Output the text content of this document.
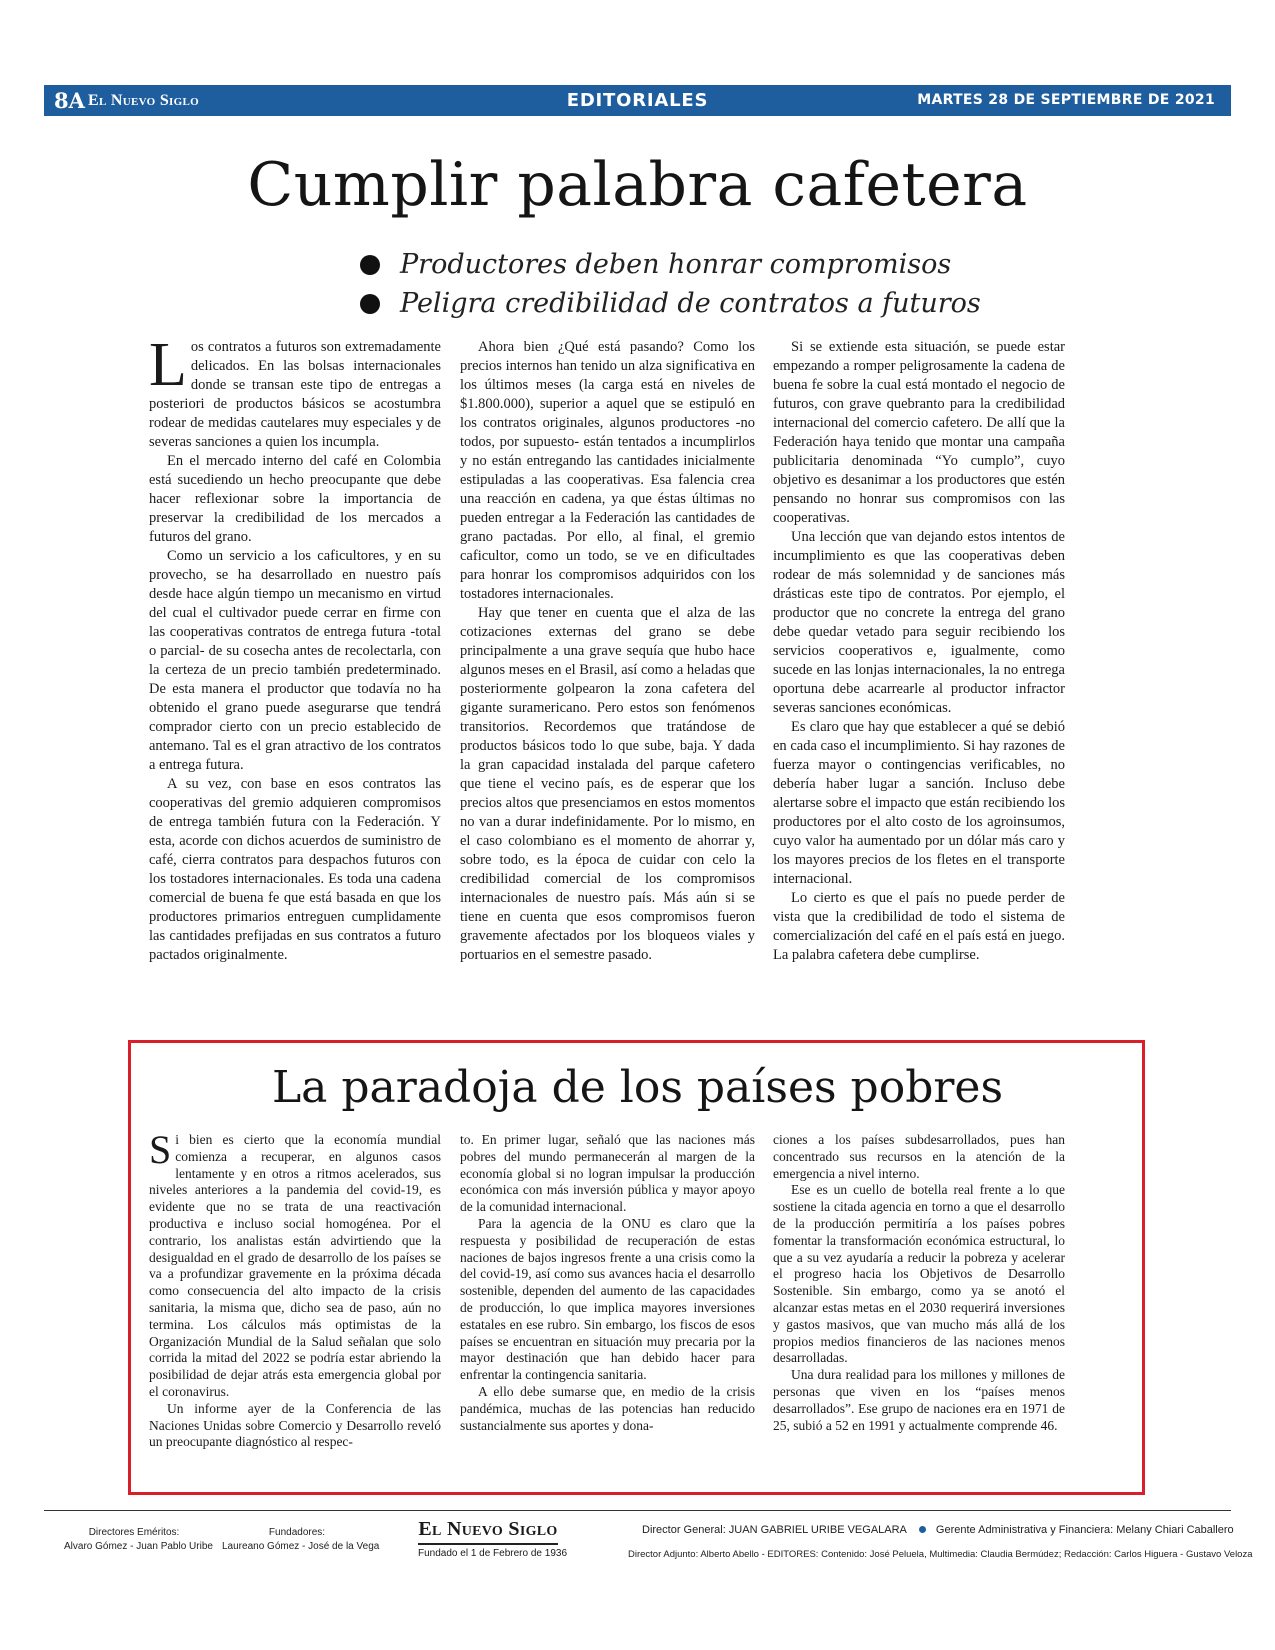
8A El Nuevo Siglo	EDITORIALES	MARTES 28 DE SEPTIEMBRE DE 2021
Cumplir palabra cafetera
Productores deben honrar compromisos
Peligra credibilidad de contratos a futuros

Los contratos a futuros son extremadamente delicados. En las bolsas internacionales donde se transan este tipo de entregas a posteriori de productos básicos se acostumbra rodear de medidas cautelares muy especiales y de severas sanciones a quien los incumpla.

En el mercado interno del café en Colombia está sucediendo un hecho preocupante que debe hacer reflexionar sobre la importancia de preservar la credibilidad de los mercados a futuros del grano.

Como un servicio a los caficultores, y en su provecho, se ha desarrollado en nuestro país desde hace algún tiempo un mecanismo en virtud del cual el cultivador puede cerrar en firme con las cooperativas contratos de entrega futura -total o parcial- de su cosecha antes de recolectarla, con la certeza de un precio también predeterminado. De esta manera el productor que todavía no ha obtenido el grano puede asegurarse que tendrá comprador cierto con un precio establecido de antemano. Tal es el gran atractivo de los contratos a entrega futura.

A su vez, con base en esos contratos las cooperativas del gremio adquieren compromisos de entrega también futura con la Federación. Y esta, acorde con dichos acuerdos de suministro de café, cierra contratos para despachos futuros con los tostadores internacionales. Es toda una cadena comercial de buena fe que está basada en que los productores primarios entreguen cumplidamente las cantidades prefijadas en sus contratos a futuro pactados originalmente.

Ahora bien ¿Qué está pasando? Como los precios internos han tenido un alza significativa en los últimos meses (la carga está en niveles de $1.800.000), superior a aquel que se estipuló en los contratos originales, algunos productores -no todos, por supuesto- están tentados a incumplirlos y no están entregando las cantidades inicialmente estipuladas a las cooperativas. Esa falencia crea una reacción en cadena, ya que éstas últimas no pueden entregar a la Federación las cantidades de grano pactadas. Por ello, al final, el gremio caficultor, como un todo, se ve en dificultades para honrar los compromisos adquiridos con los tostadores internacionales.

Hay que tener en cuenta que el alza de las cotizaciones externas del grano se debe principalmente a una grave sequía que hubo hace algunos meses en el Brasil, así como a heladas que posteriormente golpearon la zona cafetera del gigante suramericano. Pero estos son fenómenos transitorios. Recordemos que tratándose de productos básicos todo lo que sube, baja. Y dada la gran capacidad instalada del parque cafetero que tiene el vecino país, es de esperar que los precios altos que presenciamos en estos momentos no van a durar indefinidamente. Por lo mismo, en el caso colombiano es el momento de ahorrar y, sobre todo, es la época de cuidar con celo la credibilidad comercial de los compromisos internacionales de nuestro país. Más aún si se tiene en cuenta que esos compromisos fueron gravemente afectados por los bloqueos viales y portuarios en el semestre pasado.

Si se extiende esta situación, se puede estar empezando a romper peligrosamente la cadena de buena fe sobre la cual está montado el negocio de futuros, con grave quebranto para la credibilidad internacional del comercio cafetero. De allí que la Federación haya tenido que montar una campaña publicitaria denominada “Yo cumplo”, cuyo objetivo es desanimar a los productores que estén pensando no honrar sus compromisos con las cooperativas.

Una lección que van dejando estos intentos de incumplimiento es que las cooperativas deben rodear de más solemnidad y de sanciones más drásticas este tipo de contratos. Por ejemplo, el productor que no concrete la entrega del grano debe quedar vetado para seguir recibiendo los servicios cooperativos e, igualmente, como sucede en las lonjas internacionales, la no entrega oportuna debe acarrearle al productor infractor severas sanciones económicas.

Es claro que hay que establecer a qué se debió en cada caso el incumplimiento. Si hay razones de fuerza mayor o contingencias verificables, no debería haber lugar a sanción. Incluso debe alertarse sobre el impacto que están recibiendo los productores por el alto costo de los agroinsumos, cuyo valor ha aumentado por un dólar más caro y los mayores precios de los fletes en el transporte internacional.

Lo cierto es que el país no puede perder de vista que la credibilidad de todo el sistema de comercialización del café en el país está en juego. La palabra cafetera debe cumplirse.

La paradoja de los países pobres

Si bien es cierto que la economía mundial comienza a recuperar, en algunos casos lentamente y en otros a ritmos acelerados, sus niveles anteriores a la pandemia del covid-19, es evidente que no se trata de una reactivación productiva e incluso social homogénea. Por el contrario, los analistas están advirtiendo que la desigualdad en el grado de desarrollo de los países se va a profundizar gravemente en la próxima década como consecuencia del alto impacto de la crisis sanitaria, la misma que, dicho sea de paso, aún no termina. Los cálculos más optimistas de la Organización Mundial de la Salud señalan que solo corrida la mitad del 2022 se podría estar abriendo la posibilidad de dejar atrás esta emergencia global por el coronavirus.

Un informe ayer de la Conferencia de las Naciones Unidas sobre Comercio y Desarrollo reveló un preocupante diagnóstico al respec-

to. En primer lugar, señaló que las naciones más pobres del mundo permanecerán al margen de la economía global si no logran impulsar la producción económica con más inversión pública y mayor apoyo de la comunidad internacional.

Para la agencia de la ONU es claro que la respuesta y posibilidad de recuperación de estas naciones de bajos ingresos frente a una crisis como la del covid-19, así como sus avances hacia el desarrollo sostenible, dependen del aumento de las capacidades de producción, lo que implica mayores inversiones estatales en ese rubro. Sin embargo, los fiscos de esos países se encuentran en situación muy precaria por la mayor destinación que han debido hacer para enfrentar la contingencia sanitaria.

A ello debe sumarse que, en medio de la crisis pandémica, muchas de las potencias han reducido sustancialmente sus aportes y dona-

ciones a los países subdesarrollados, pues han concentrado sus recursos en la atención de la emergencia a nivel interno.

Ese es un cuello de botella real frente a lo que sostiene la citada agencia en torno a que el desarrollo de la producción permitiría a los países pobres fomentar la transformación económica estructural, lo que a su vez ayudaría a reducir la pobreza y acelerar el progreso hacia los Objetivos de Desarrollo Sostenible. Sin embargo, como ya se anotó el alcanzar estas metas en el 2030 requerirá inversiones y gastos masivos, que van mucho más allá de los propios medios financieros de las naciones menos desarrolladas.

Una dura realidad para los millones y millones de personas que viven en los “países menos desarrollados”. Ese grupo de naciones era en 1971 de 25, subió a 52 en 1991 y actualmente comprende 46.

Directores Eméritos:
Alvaro Gómez - Juan Pablo Uribe
Fundadores:
Laureano Gómez - José de la Vega
El Nuevo Siglo
Fundado el 1 de Febrero de 1936
Director General: JUAN GABRIEL URIBE VEGALARA	Gerente Administrativa y Financiera: Melany Chiari Caballero
Director Adjunto: Alberto Abello - EDITORES: Contenido: José Peluela, Multimedia: Claudia Bermúdez; Redacción: Carlos Higuera - Gustavo Veloza
